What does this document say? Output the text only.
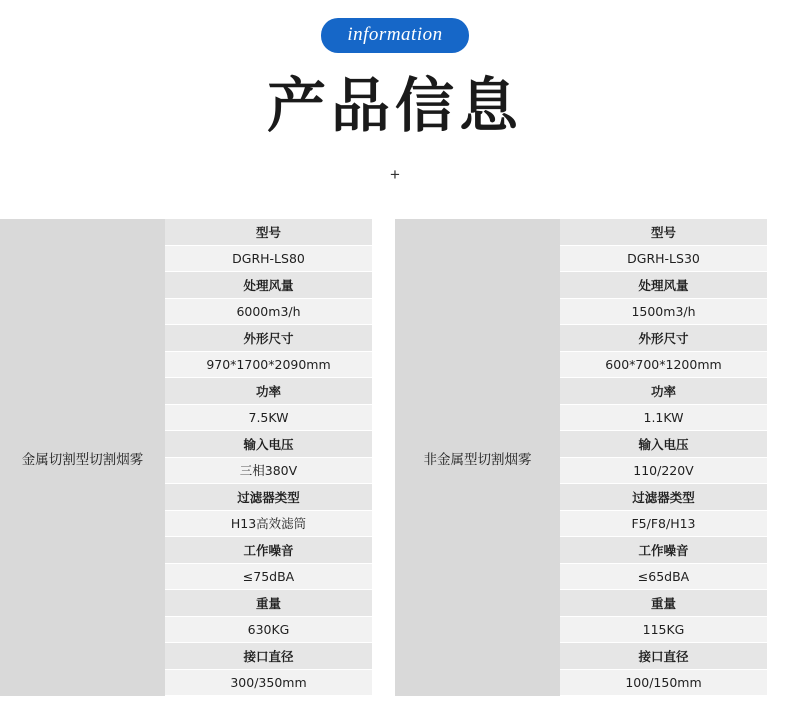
information
产品信息
+
金属切割型切割烟雾
型号
DGRH-LS80
处理风量
6000m3/h
外形尺寸
970*1700*2090mm
功率
7.5KW
输入电压
三相380V
过滤器类型
H13高效滤筒
工作噪音
≤75dBA
重量
630KG
接口直径
300/350mm
非金属型切割烟雾
型号
DGRH-LS30
处理风量
1500m3/h
外形尺寸
600*700*1200mm
功率
1.1KW
输入电压
110/220V
过滤器类型
F5/F8/H13
工作噪音
≤65dBA
重量
115KG
接口直径
100/150mm
